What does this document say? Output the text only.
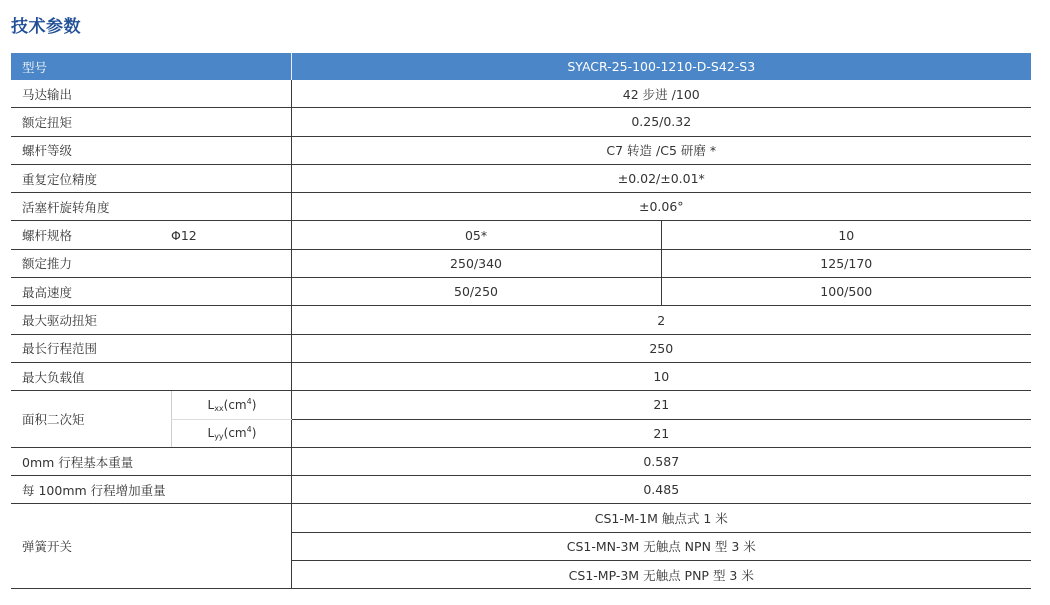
技术参数
型号		SYACR-25-100-1210-D-S42-S3	
马达输出		42 步进 /100	
额定扭矩		0.25/0.32	
螺杆等级		C7 转造 /C5 研磨 *	
重复定位精度		±0.02/±0.01*	
活塞杆旋转角度		±0.06°	
螺杆规格	Φ12	05*	10
额定推力		250/340	125/170
最高速度		50/250	100/500
最大驱动扭矩		2	
最长行程范围		250	
最大负载值		10	
面积二次矩	$L_{xx}(cm^4)$	21	
	$L_{yy}(cm^4)$	21	
0mm 行程基本重量		0.587	
每 100mm 行程增加重量		0.485	
弹簧开关		CS1-M-1M 触点式 1 米	
		CS1-MN-3M 无触点 NPN 型 3 米	
		CS1-MP-3M 无触点 PNP 型 3 米	
